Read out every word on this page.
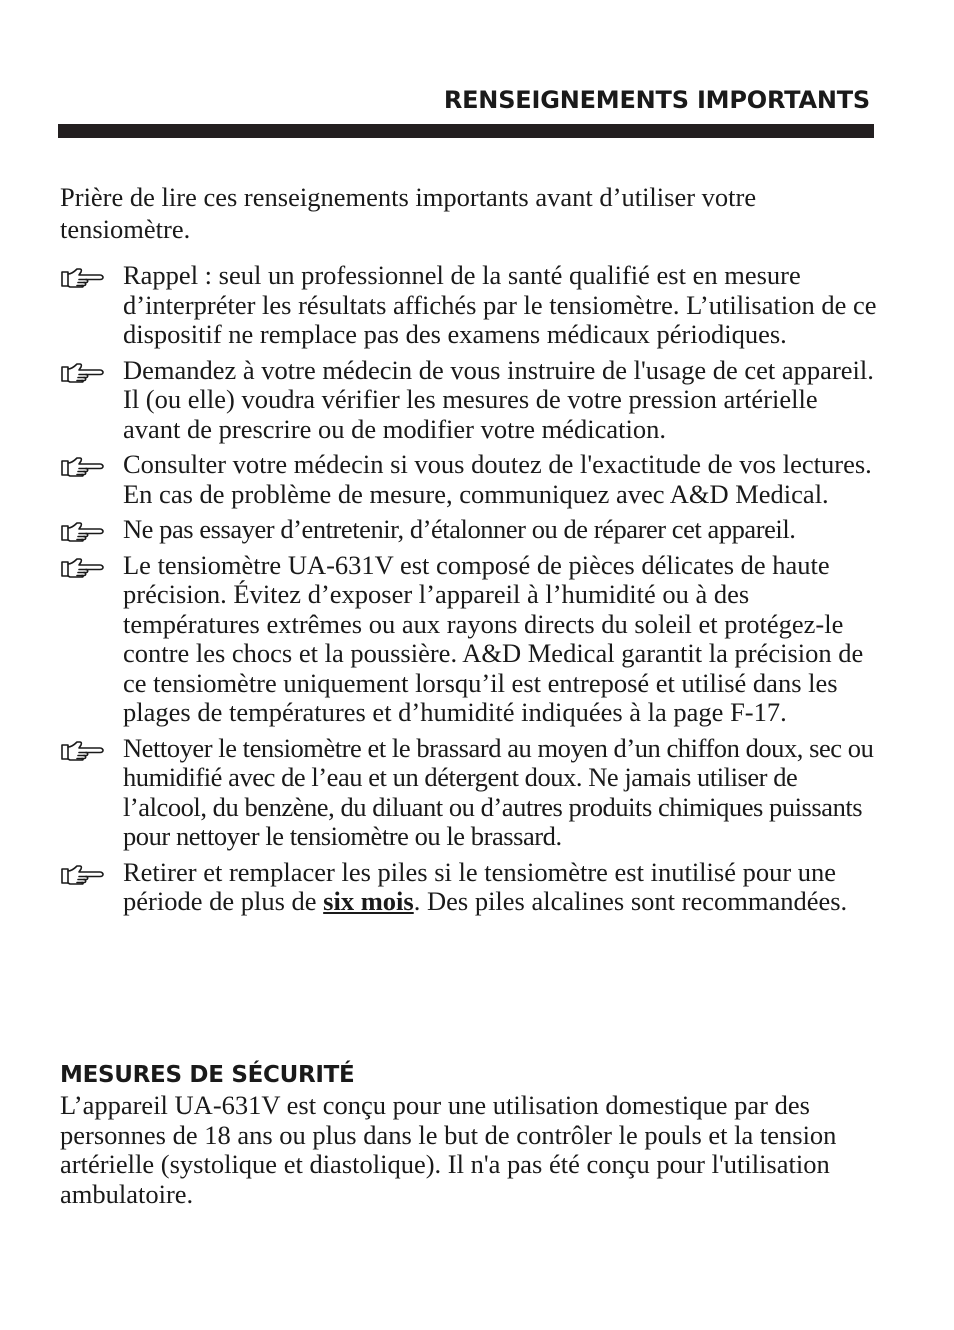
RENSEIGNEMENTS IMPORTANTS

Prière de lire ces renseignements importants avant d’utiliser votre tensiomètre.

Rappel : seul un professionnel de la santé qualifié est en mesure d’interpréter les résultats affichés par le tensiomètre. L’utilisation de ce dispositif ne remplace pas des examens médicaux périodiques.
Demandez à votre médecin de vous instruire de l'usage de cet appareil. Il (ou elle) voudra vérifier les mesures de votre pression artérielle avant de prescrire ou de modifier votre médication.
Consulter votre médecin si vous doutez de l'exactitude de vos lectures. En cas de problème de mesure, communiquez avec A&D Medical.
Ne pas essayer d’entretenir, d’étalonner ou de réparer cet appareil.
Le tensiomètre UA-631V est composé de pièces délicates de haute précision. Évitez d’exposer l’appareil à l’humidité ou à des températures extrêmes ou aux rayons directs du soleil et protégez-le contre les chocs et la poussière. A&D Medical garantit la précision de ce tensiomètre uniquement lorsqu’il est entreposé et utilisé dans les plages de températures et d’humidité indiquées à la page F-17.
Nettoyer le tensiomètre et le brassard au moyen d’un chiffon doux, sec ou humidifié avec de l’eau et un détergent doux. Ne jamais utiliser de l’alcool, du benzène, du diluant ou d’autres produits chimiques puissants pour nettoyer le tensiomètre ou le brassard.
Retirer et remplacer les piles si le tensiomètre est inutilisé pour une période de plus de six mois. Des piles alcalines sont recommandées.
MESURES DE SÉCURITÉ

L’appareil UA-631V est conçu pour une utilisation domestique par des personnes de 18 ans ou plus dans le but de contrôler le pouls et la tension artérielle (systolique et diastolique). Il n'a pas été conçu pour l'utilisation ambulatoire.
